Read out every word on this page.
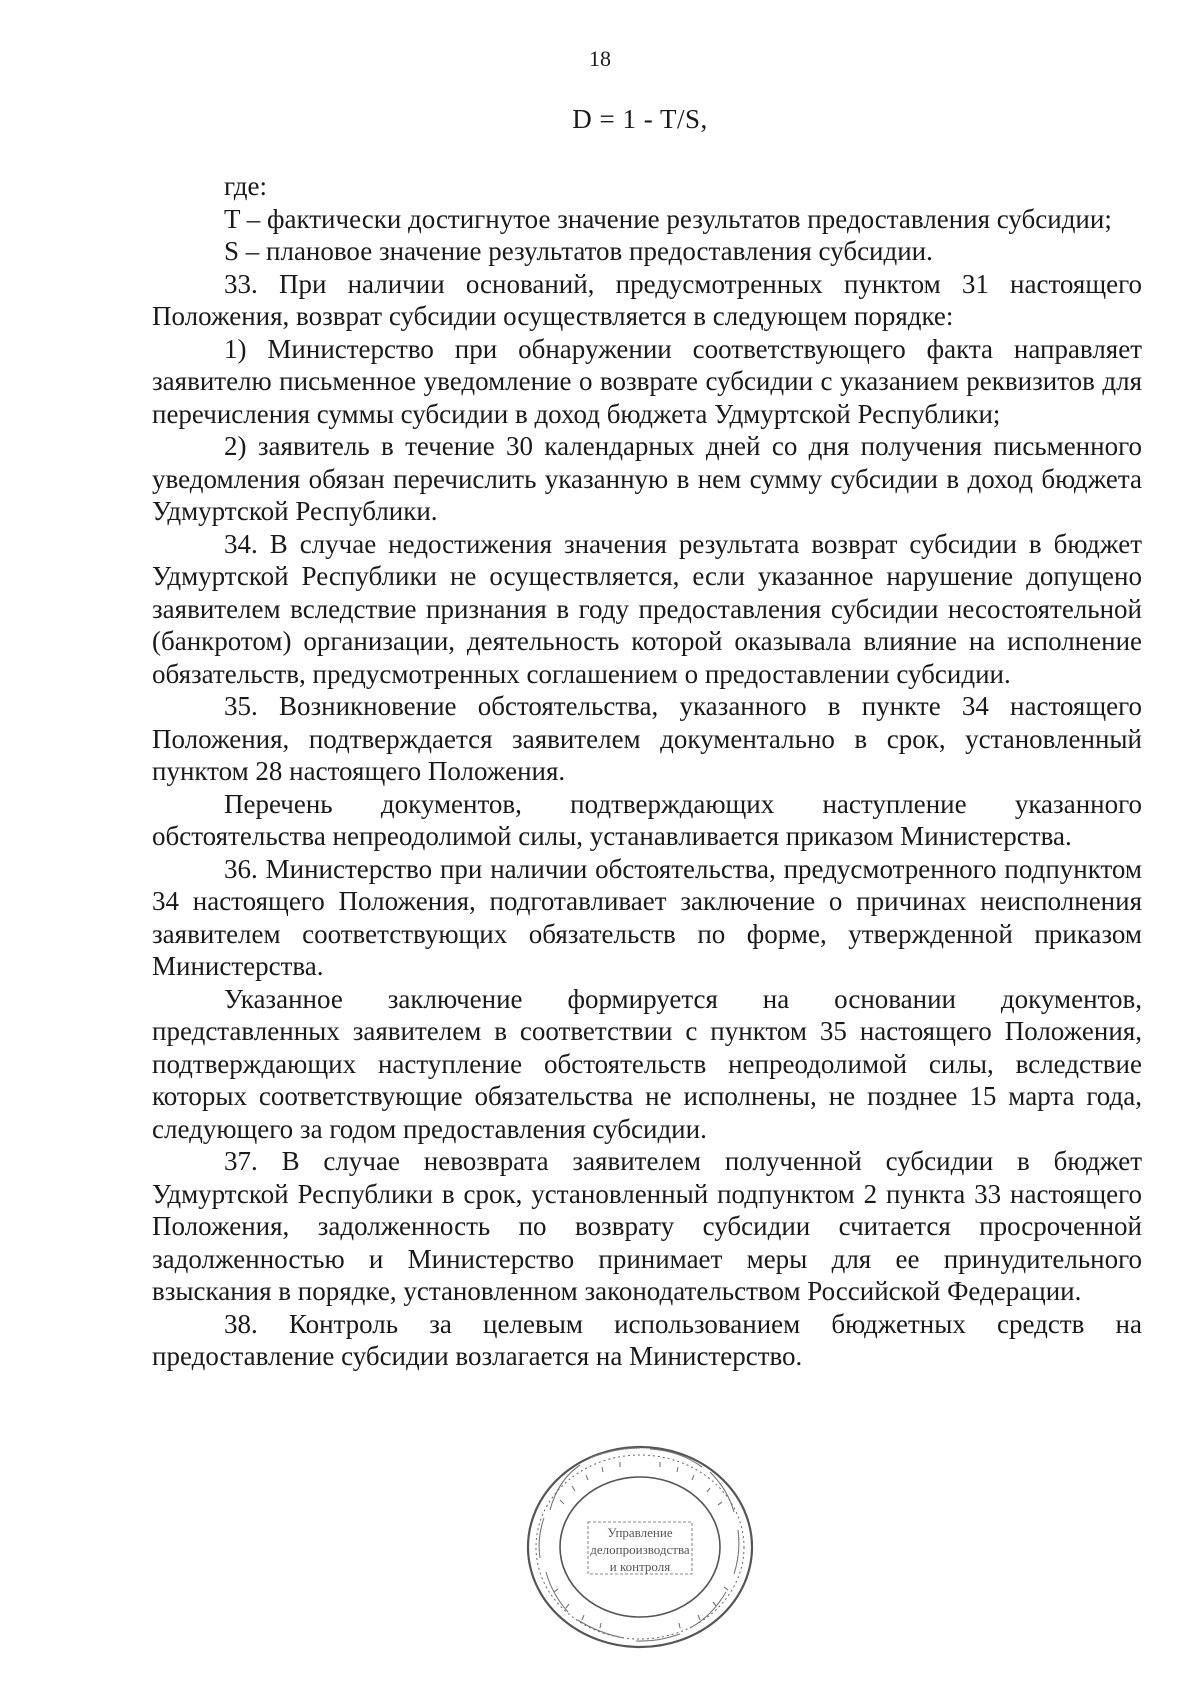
18
D = 1 - T/S,

где:

T – фактически достигнутое значение результатов предоставления субсидии;

S – плановое значение результатов предоставления субсидии.

33. При наличии оснований, предусмотренных пунктом 31 настоящего Положения, возврат субсидии осуществляется в следующем порядке:

1) Министерство при обнаружении соответствующего факта направляет заявителю письменное уведомление о возврате субсидии с указанием реквизитов для перечисления суммы субсидии в доход бюджета Удмуртской Республики;

2) заявитель в течение 30 календарных дней со дня получения письменного уведомления обязан перечислить указанную в нем сумму субсидии в доход бюджета Удмуртской Республики.

34. В случае недостижения значения результата возврат субсидии в бюджет Удмуртской Республики не осуществляется, если указанное нарушение допущено заявителем вследствие признания в году предоставления субсидии несостоятельной (банкротом) организации, деятельность которой оказывала влияние на исполнение обязательств, предусмотренных соглашением о предоставлении субсидии.

35. Возникновение обстоятельства, указанного в пункте 34 настоящего Положения, подтверждается заявителем документально в срок, установленный пунктом 28 настоящего Положения.

Перечень документов, подтверждающих наступление указанного обстоятельства непреодолимой силы, устанавливается приказом Министерства.

36. Министерство при наличии обстоятельства, предусмотренного подпунктом 34 настоящего Положения, подготавливает заключение о причинах неисполнения заявителем соответствующих обязательств по форме, утвержденной приказом Министерства.

Указанное заключение формируется на основании документов, представленных заявителем в соответствии с пунктом 35 настоящего Положения, подтверждающих наступление обстоятельств непреодолимой силы, вследствие которых соответствующие обязательства не исполнены, не позднее 15 марта года, следующего за годом предоставления субсидии.

37. В случае невозврата заявителем полученной субсидии в бюджет Удмуртской Республики в срок, установленный подпунктом 2 пункта 33 настоящего Положения, задолженность по возврату субсидии считается просроченной задолженностью и Министерство принимает меры для ее принудительного взыскания в порядке, установленном законодательством Российской Федерации.

38. Контроль за целевым использованием бюджетных средств на предоставление субсидии возлагается на Министерство.

Управление
делопроизводства
и контроля
